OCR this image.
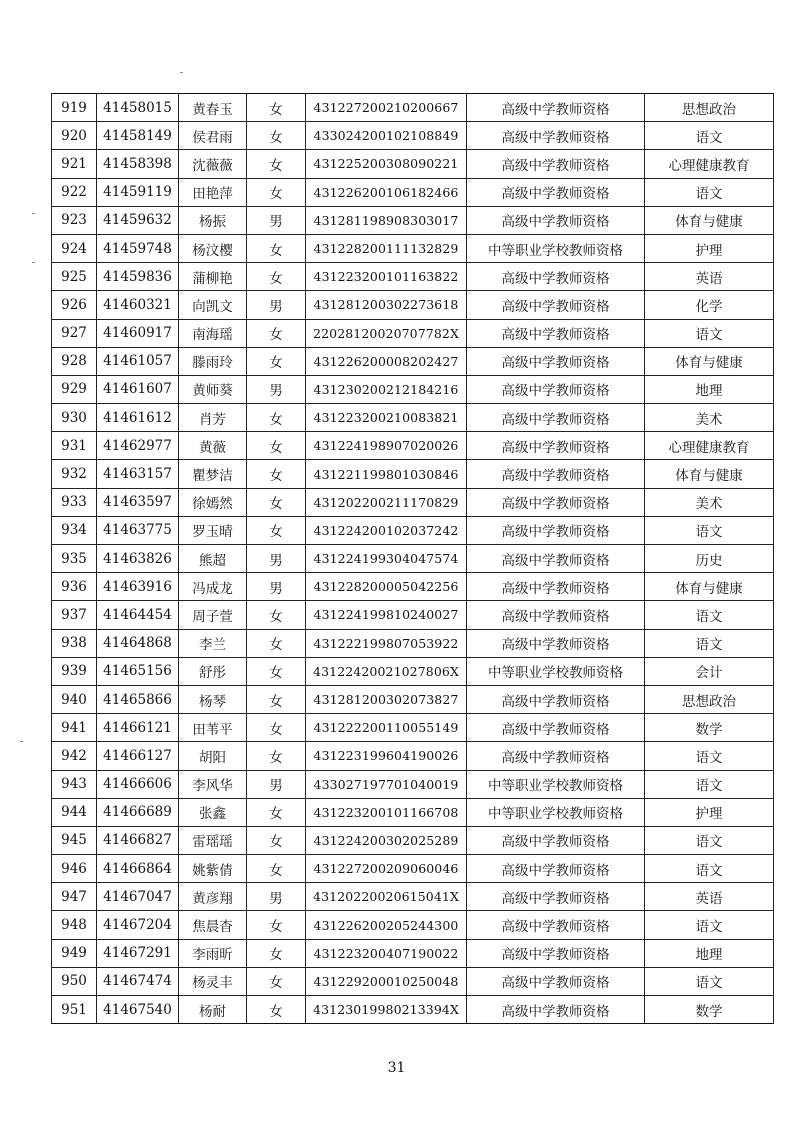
919	41458015	黄春玉	女	431227200210200667	高级中学教师资格	思想政治
920	41458149	侯君雨	女	433024200102108849	高级中学教师资格	语文
921	41458398	沈薇薇	女	431225200308090221	高级中学教师资格	心理健康教育
922	41459119	田艳萍	女	431226200106182466	高级中学教师资格	语文
923	41459632	杨振	男	431281198908303017	高级中学教师资格	体育与健康
924	41459748	杨汶樱	女	431228200111132829	中等职业学校教师资格	护理
925	41459836	蒲柳艳	女	431223200101163822	高级中学教师资格	英语
926	41460321	向凯文	男	431281200302273618	高级中学教师资格	化学
927	41460917	南海瑶	女	22028120020707782X	高级中学教师资格	语文
928	41461057	滕雨玲	女	431226200008202427	高级中学教师资格	体育与健康
929	41461607	黄师葵	男	431230200212184216	高级中学教师资格	地理
930	41461612	肖芳	女	431223200210083821	高级中学教师资格	美术
931	41462977	黄薇	女	431224198907020026	高级中学教师资格	心理健康教育
932	41463157	瞿梦洁	女	431221199801030846	高级中学教师资格	体育与健康
933	41463597	徐嫣然	女	431202200211170829	高级中学教师资格	美术
934	41463775	罗玉晴	女	431224200102037242	高级中学教师资格	语文
935	41463826	熊超	男	431224199304047574	高级中学教师资格	历史
936	41463916	冯成龙	男	431228200005042256	高级中学教师资格	体育与健康
937	41464454	周子萱	女	431224199810240027	高级中学教师资格	语文
938	41464868	李兰	女	431222199807053922	高级中学教师资格	语文
939	41465156	舒彤	女	43122420021027806X	中等职业学校教师资格	会计
940	41465866	杨琴	女	431281200302073827	高级中学教师资格	思想政治
941	41466121	田苇平	女	431222200110055149	高级中学教师资格	数学
942	41466127	胡阳	女	431223199604190026	高级中学教师资格	语文
943	41466606	李风华	男	433027197701040019	中等职业学校教师资格	语文
944	41466689	张鑫	女	431223200101166708	中等职业学校教师资格	护理
945	41466827	雷瑶瑶	女	431224200302025289	高级中学教师资格	语文
946	41466864	姚紫倩	女	431227200209060046	高级中学教师资格	语文
947	41467047	黄彦翔	男	43120220020615041X	高级中学教师资格	英语
948	41467204	焦晨杳	女	431226200205244300	高级中学教师资格	语文
949	41467291	李雨昕	女	431223200407190022	高级中学教师资格	地理
950	41467474	杨灵丰	女	431229200010250048	高级中学教师资格	语文
951	41467540	杨耐	女	43123019980213394X	高级中学教师资格	数学
31
